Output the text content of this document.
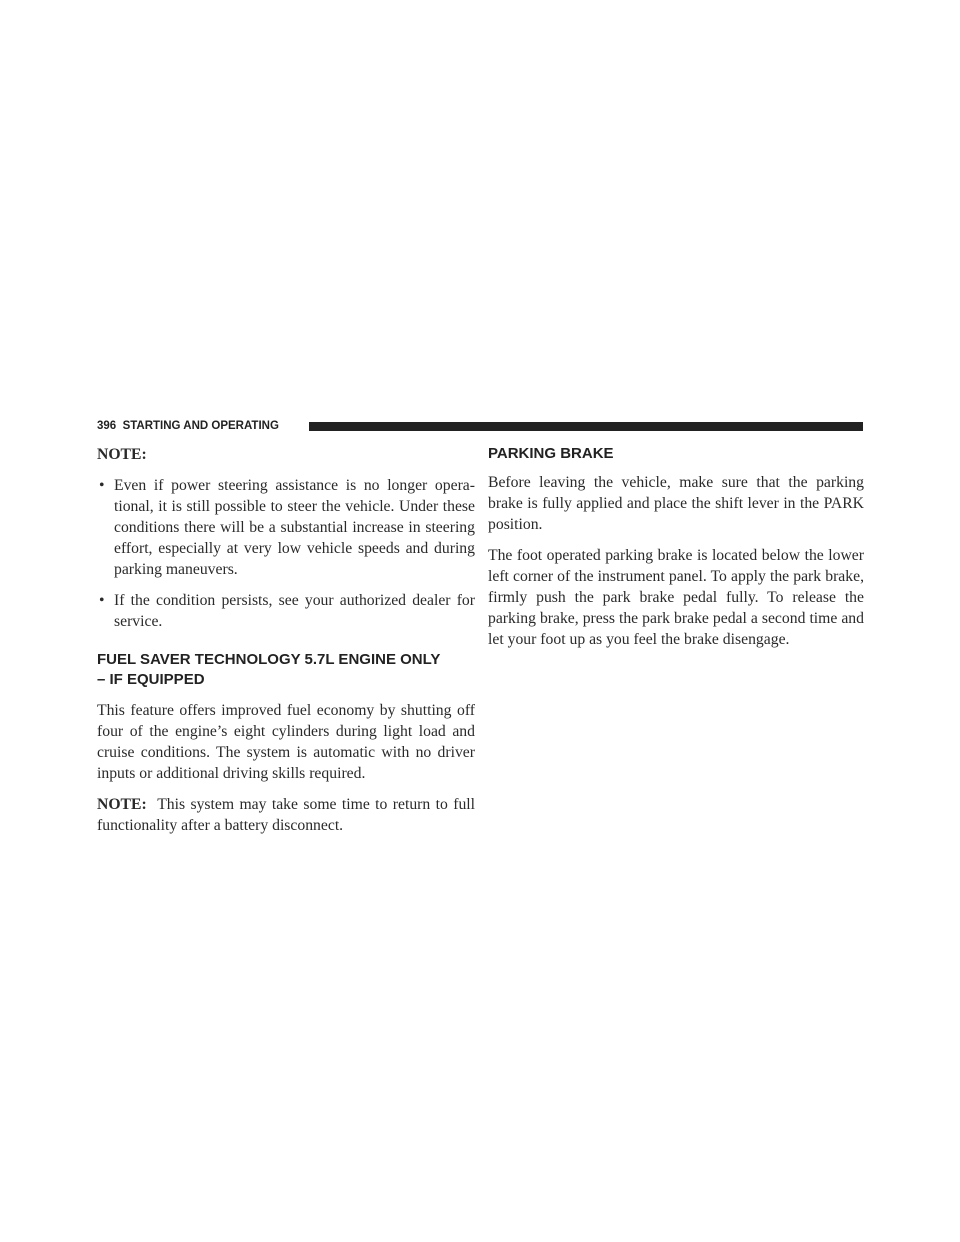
396 STARTING AND OPERATING

NOTE:

• Even if power steering assistance is no longer opera-tional, it is still possible to steer the vehicle. Under these conditions there will be a substantial increase in steering effort, especially at very low vehicle speeds and during parking maneuvers.
• If the condition persists, see your authorized dealer for service.
FUEL SAVER TECHNOLOGY 5.7L ENGINE ONLY
– IF EQUIPPED

This feature offers improved fuel economy by shutting off four of the engine’s eight cylinders during light load and cruise conditions. The system is automatic with no driver inputs or additional driving skills required.

NOTE: This system may take some time to return to full functionality after a battery disconnect.

PARKING BRAKE

Before leaving the vehicle, make sure that the parking brake is fully applied and place the shift lever in the PARK position.

The foot operated parking brake is located below the lower left corner of the instrument panel. To apply the park brake, firmly push the park brake pedal fully. To release the parking brake, press the park brake pedal a second time and let your foot up as you feel the brake disengage.
